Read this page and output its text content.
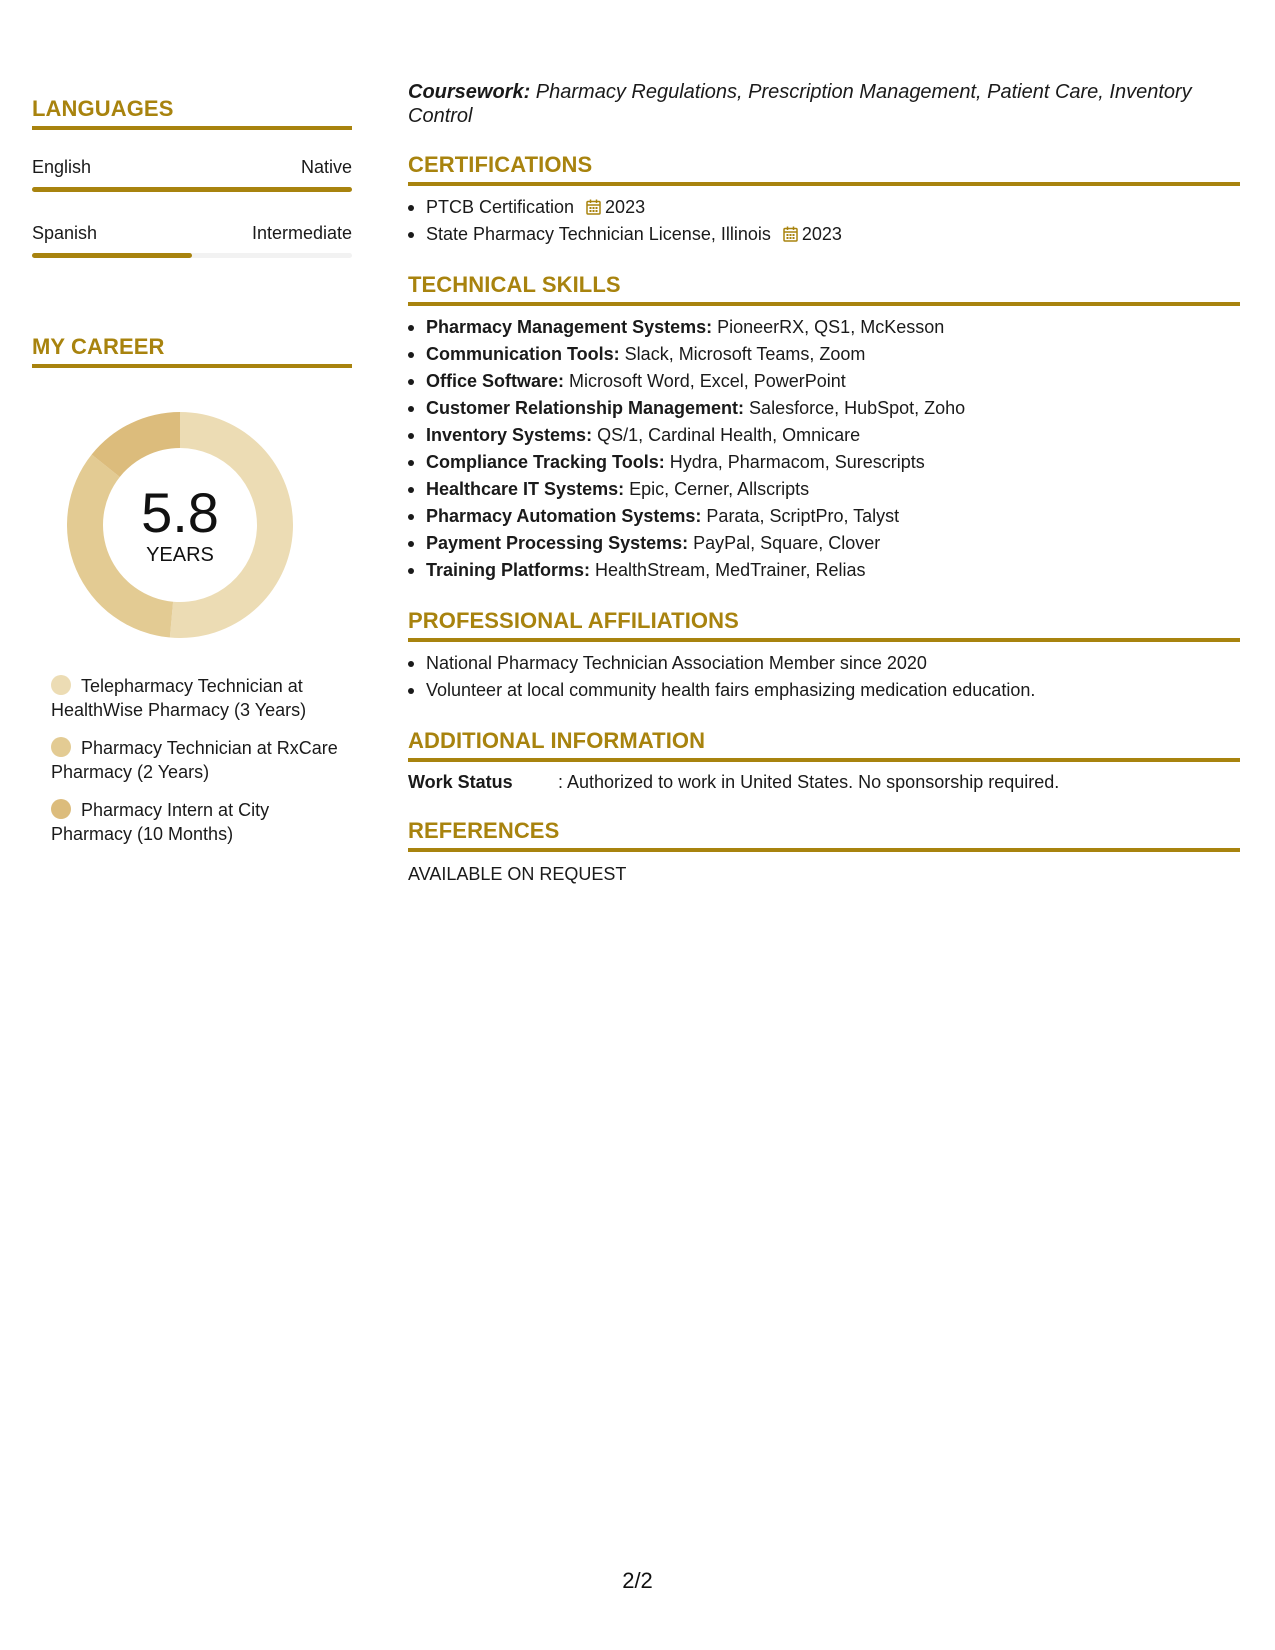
LANGUAGES
English	Native
Spanish	Intermediate
MY CAREER
5.8
YEARS
Telepharmacy Technician at HealthWise Pharmacy (3 Years)
Pharmacy Technician at RxCare Pharmacy (2 Years)
Pharmacy Intern at City Pharmacy (10 Months)

Coursework: Pharmacy Regulations, Prescription Management, Patient Care, Inventory Control

CERTIFICATIONS
PTCB Certification 2023
State Pharmacy Technician License, Illinois 2023
TECHNICAL SKILLS
Pharmacy Management Systems: PioneerRX, QS1, McKesson
Communication Tools: Slack, Microsoft Teams, Zoom
Office Software: Microsoft Word, Excel, PowerPoint
Customer Relationship Management: Salesforce, HubSpot, Zoho
Inventory Systems: QS/1, Cardinal Health, Omnicare
Compliance Tracking Tools: Hydra, Pharmacom, Surescripts
Healthcare IT Systems: Epic, Cerner, Allscripts
Pharmacy Automation Systems: Parata, ScriptPro, Talyst
Payment Processing Systems: PayPal, Square, Clover
Training Platforms: HealthStream, MedTrainer, Relias
PROFESSIONAL AFFILIATIONS
National Pharmacy Technician Association Member since 2020
Volunteer at local community health fairs emphasizing medication education.
ADDITIONAL INFORMATION
Work Status	: Authorized to work in United States. No sponsorship required.
REFERENCES

AVAILABLE ON REQUEST

2/2
